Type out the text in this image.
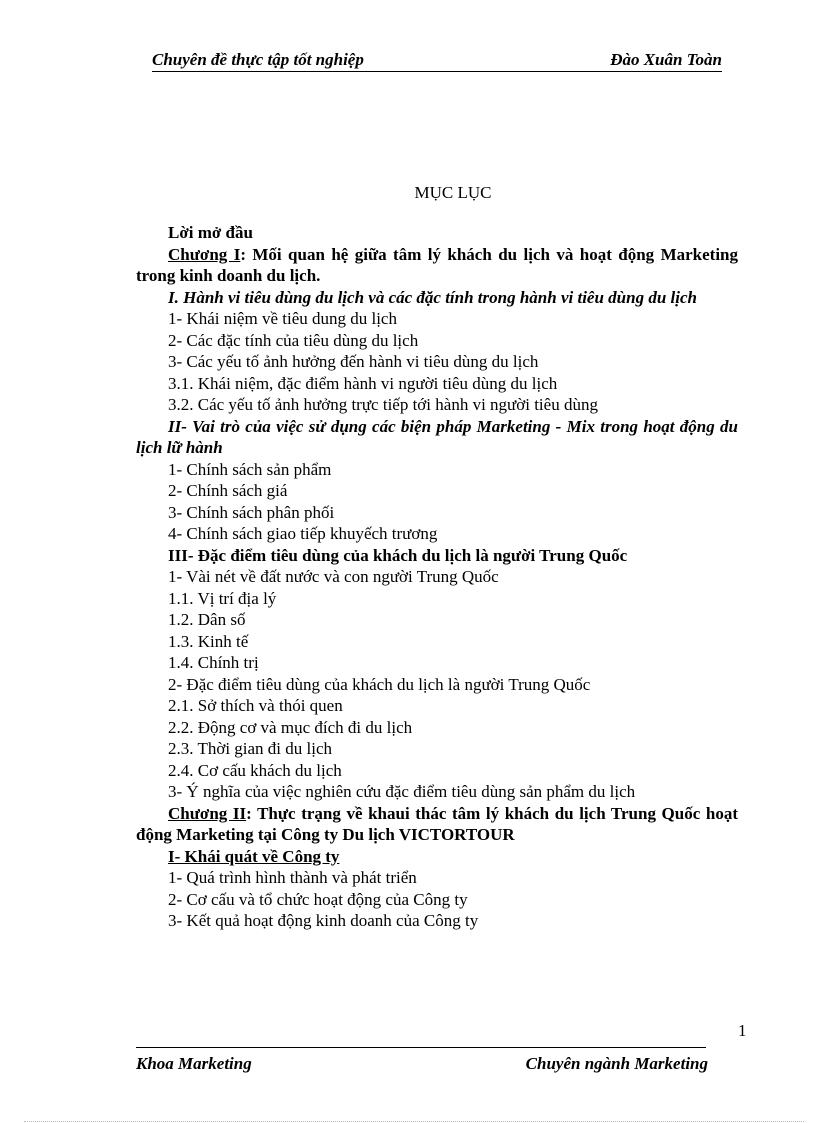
Chuyên đề thực tập tốt nghiệp	Đào Xuân Toàn
MỤC LỤC
Lời mở đầu
Chương I: Mối quan hệ giữa tâm lý khách du lịch và hoạt động Marketing trong kinh doanh du lịch.
I. Hành vi tiêu dùng du lịch và các đặc tính trong hành vi tiêu dùng du lịch
1- Khái niệm về tiêu dung du lịch
2- Các đặc tính của tiêu dùng du lịch
3- Các yếu tố ảnh hưởng đến hành vi tiêu dùng du lịch
3.1. Khái niệm, đặc điểm hành vi người tiêu dùng du lịch
3.2. Các yếu tố ảnh hưởng trực tiếp tới hành vi người tiêu dùng
II- Vai trò của việc sử dụng các biện pháp Marketing - Mix trong hoạt động du lịch lữ hành
1- Chính sách sản phẩm
2- Chính sách giá
3- Chính sách phân phối
4- Chính sách giao tiếp khuyếch trương
III- Đặc điểm tiêu dùng của khách du lịch là người Trung Quốc
1- Vài nét về đất nước và con người Trung Quốc
1.1. Vị trí địa lý
1.2. Dân số
1.3. Kinh tế
1.4. Chính trị
2- Đặc điểm tiêu dùng của khách du lịch là người Trung Quốc
2.1. Sở thích và thói quen
2.2. Động cơ và mục đích đi du lịch
2.3. Thời gian đi du lịch
2.4. Cơ cấu khách du lịch
3- Ý nghĩa của việc nghiên cứu đặc điểm tiêu dùng sản phẩm du lịch
Chương II: Thực trạng về khaui thác tâm lý khách du lịch Trung Quốc hoạt động Marketing tại Công ty Du lịch VICTORTOUR
I- Khái quát về Công ty
1- Quá trình hình thành và phát triển
2- Cơ cấu và tổ chức hoạt động của Công ty
3- Kết quả hoạt động kinh doanh của Công ty
1
Khoa Marketing	Chuyên ngành Marketing
